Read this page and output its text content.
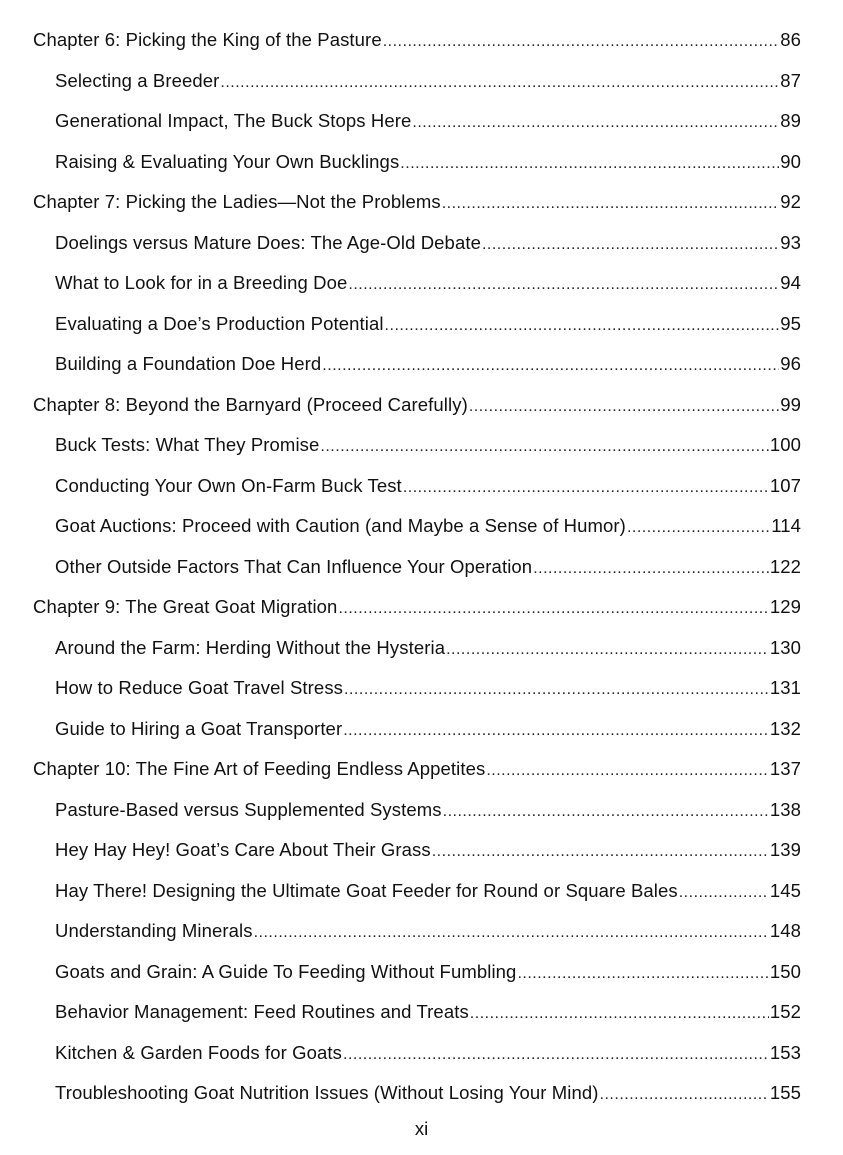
Chapter 6: Picking the King of the Pasture .....	86
Selecting a Breeder .....	87
Generational Impact, The Buck Stops Here .....	89
Raising & Evaluating Your Own Bucklings .....	90
Chapter 7: Picking the Ladies—Not the Problems .....	92
Doelings versus Mature Does: The Age-Old Debate .....	93
What to Look for in a Breeding Doe .....	94
Evaluating a Doe’s Production Potential .....	95
Building a Foundation Doe Herd .....	96
Chapter 8: Beyond the Barnyard (Proceed Carefully) .....	99
Buck Tests: What They Promise .....	100
Conducting Your Own On-Farm Buck Test .....	107
Goat Auctions: Proceed with Caution (and Maybe a Sense of Humor) .....	114
Other Outside Factors That Can Influence Your Operation .....	122
Chapter 9: The Great Goat Migration .....	129
Around the Farm: Herding Without the Hysteria .....	130
How to Reduce Goat Travel Stress .....	131
Guide to Hiring a Goat Transporter .....	132
Chapter 10: The Fine Art of Feeding Endless Appetites .....	137
Pasture-Based versus Supplemented Systems .....	138
Hey Hay Hey! Goat’s Care About Their Grass .....	139
Hay There! Designing the Ultimate Goat Feeder for Round or Square Bales .....	145
Understanding Minerals .....	148
Goats and Grain: A Guide To Feeding Without Fumbling .....	150
Behavior Management: Feed Routines and Treats .....	152
Kitchen & Garden Foods for Goats .....	153
Troubleshooting Goat Nutrition Issues (Without Losing Your Mind) .....	155
xi
